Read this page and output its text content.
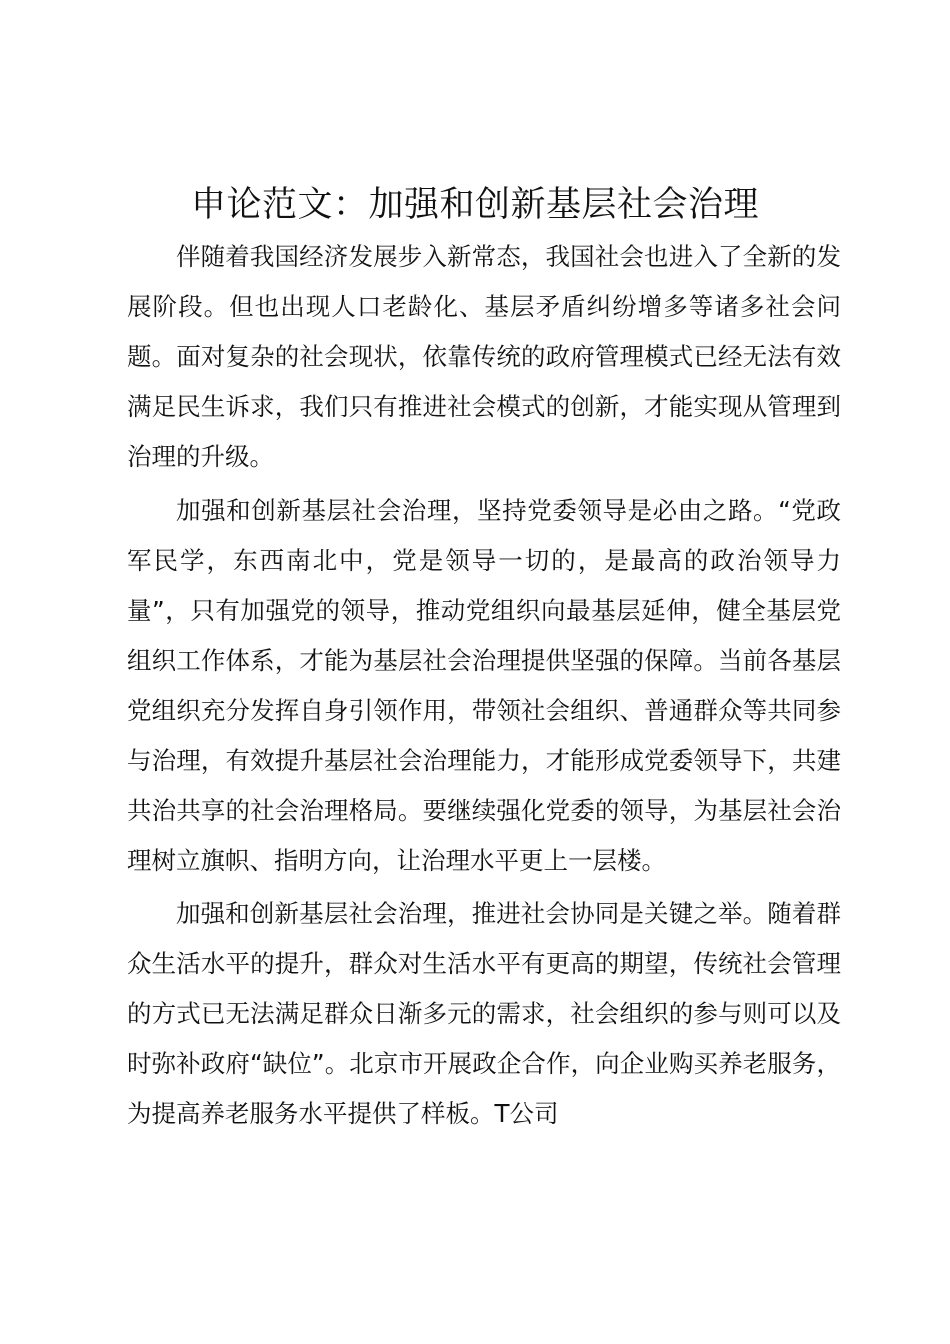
申论范文：加强和创新基层社会治理

伴随着我国经济发展步入新常态，我国社会也进入了全新的发展阶段。但也出现人口老龄化、基层矛盾纠纷增多等诸多社会问题。面对复杂的社会现状，依靠传统的政府管理模式已经无法有效满足民生诉求，我们只有推进社会模式的创新，才能实现从管理到治理的升级。

加强和创新基层社会治理，坚持党委领导是必由之路。“党政军民学，东西南北中，党是领导一切的，是最高的政治领导力量”，只有加强党的领导，推动党组织向最基层延伸，健全基层党组织工作体系，才能为基层社会治理提供坚强的保障。当前各基层党组织充分发挥自身引领作用，带领社会组织、普通群众等共同参与治理，有效提升基层社会治理能力，才能形成党委领导下，共建共治共享的社会治理格局。要继续强化党委的领导，为基层社会治理树立旗帜、指明方向，让治理水平更上一层楼。

加强和创新基层社会治理，推进社会协同是关键之举。随着群众生活水平的提升，群众对生活水平有更高的期望，传统社会管理的方式已无法满足群众日渐多元的需求，社会组织的参与则可以及时弥补政府“缺位”。北京市开展政企合作，向企业购买养老服务，为提高养老服务水平提供了样板。T公司
